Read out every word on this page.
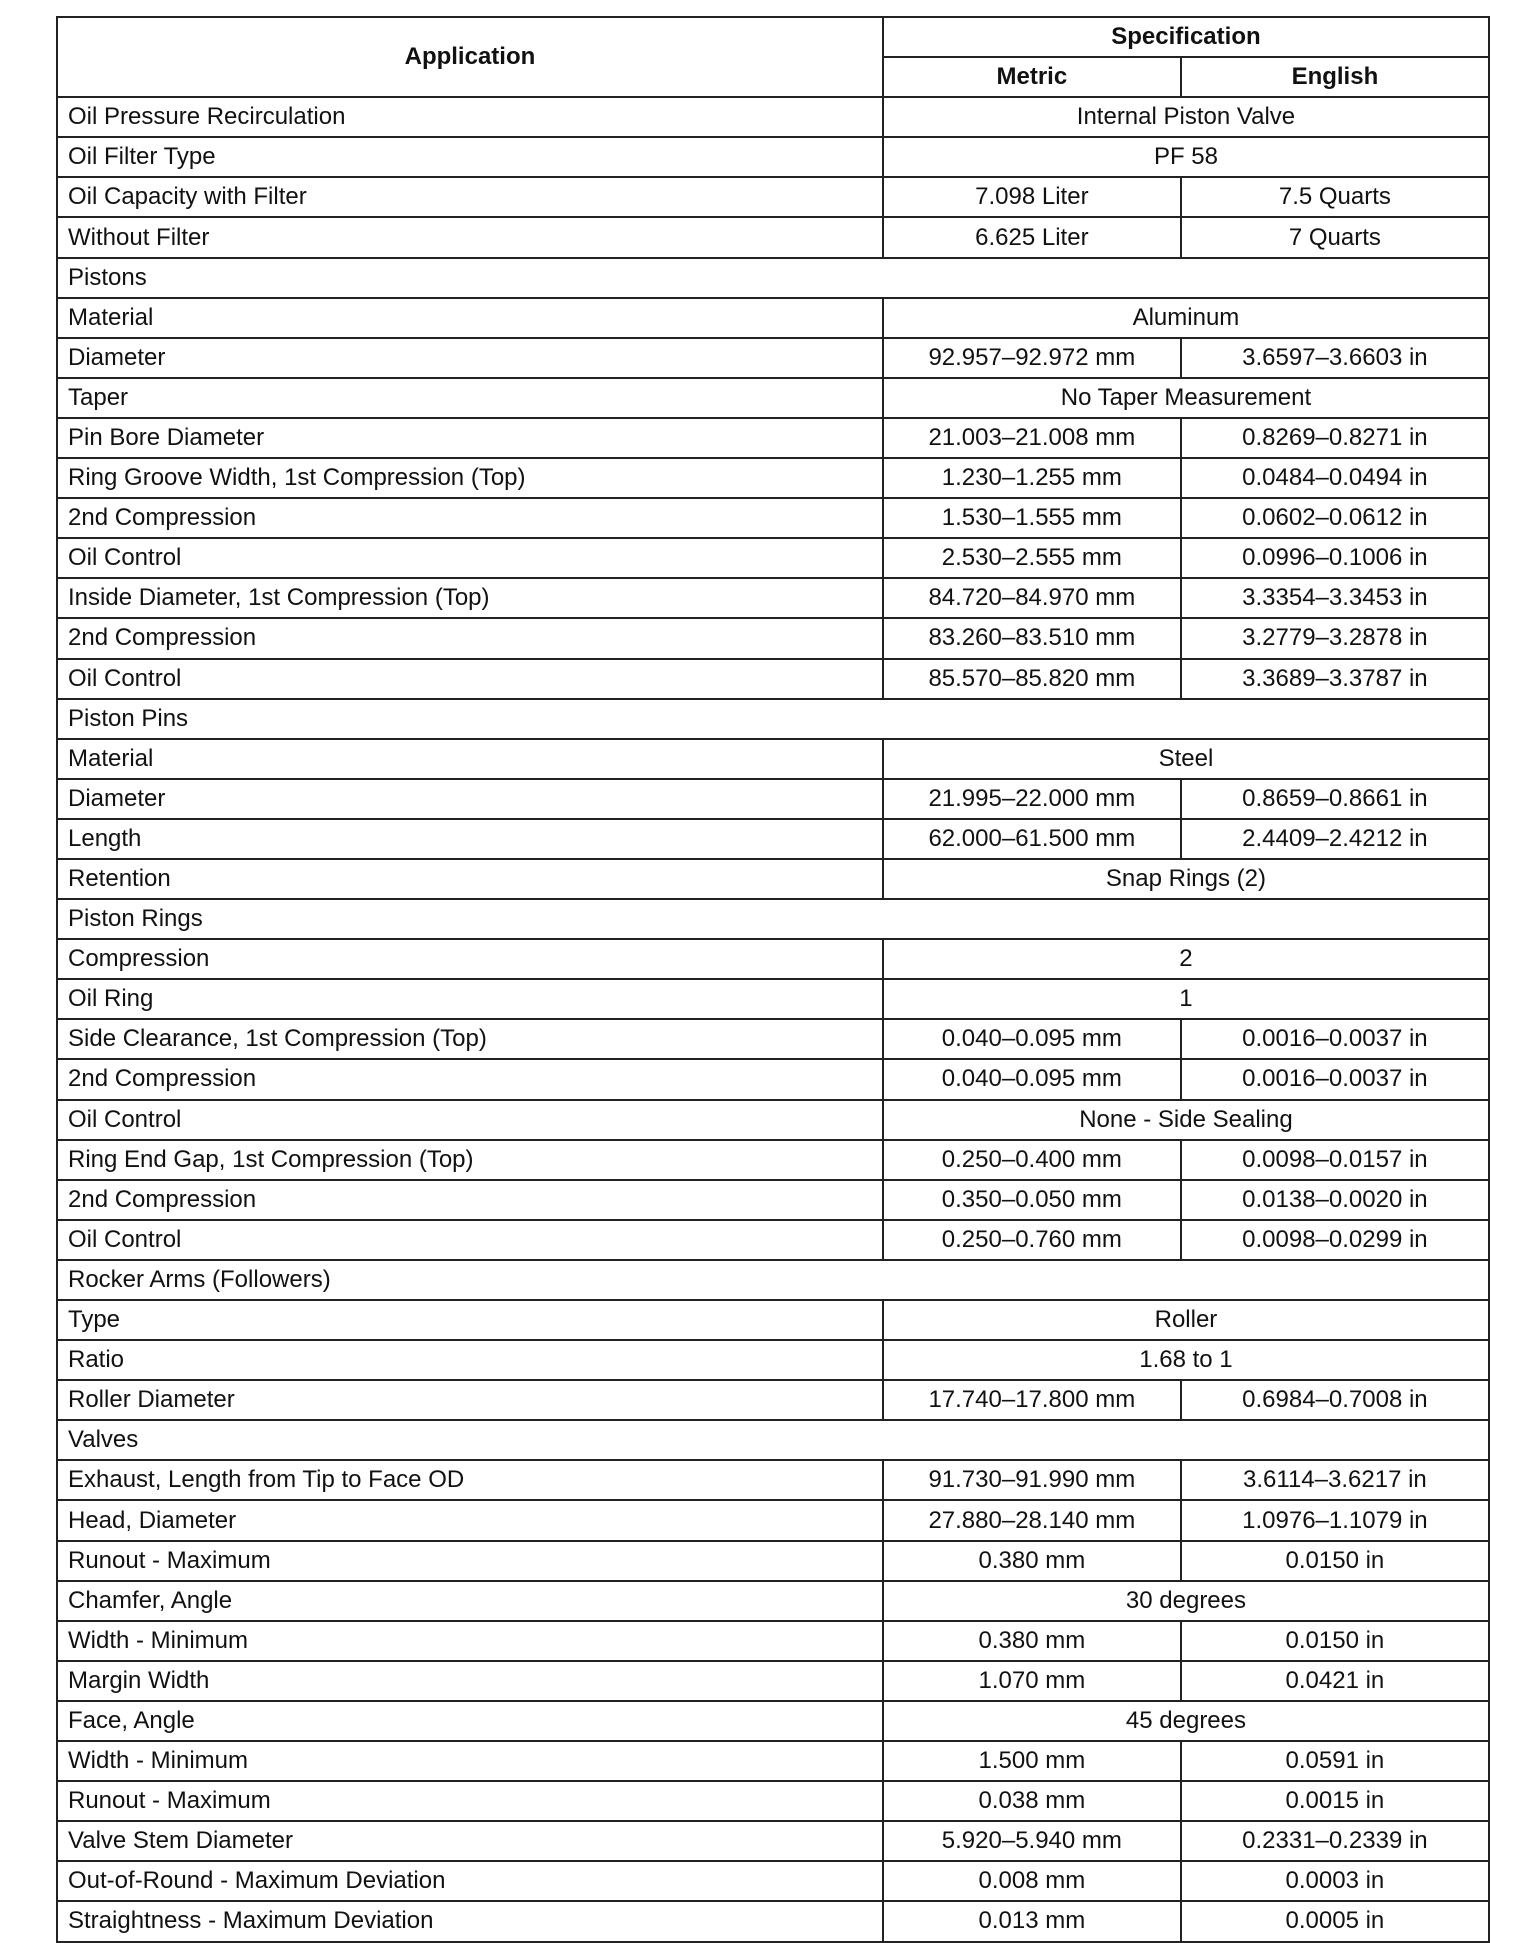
Application	Specification	
	Metric	English
Oil Pressure Recirculation	Internal Piston Valve	
Oil Filter Type	PF 58	
Oil Capacity with Filter	7.098 Liter	7.5 Quarts
Without Filter	6.625 Liter	7 Quarts
Pistons		
Material	Aluminum	
Diameter	92.957–92.972 mm	3.6597–3.6603 in
Taper	No Taper Measurement	
Pin Bore Diameter	21.003–21.008 mm	0.8269–0.8271 in
Ring Groove Width, 1st Compression (Top)	1.230–1.255 mm	0.0484–0.0494 in
2nd Compression	1.530–1.555 mm	0.0602–0.0612 in
Oil Control	2.530–2.555 mm	0.0996–0.1006 in
Inside Diameter, 1st Compression (Top)	84.720–84.970 mm	3.3354–3.3453 in
2nd Compression	83.260–83.510 mm	3.2779–3.2878 in
Oil Control	85.570–85.820 mm	3.3689–3.3787 in
Piston Pins		
Material	Steel	
Diameter	21.995–22.000 mm	0.8659–0.8661 in
Length	62.000–61.500 mm	2.4409–2.4212 in
Retention	Snap Rings (2)	
Piston Rings		
Compression	2	
Oil Ring	1	
Side Clearance, 1st Compression (Top)	0.040–0.095 mm	0.0016–0.0037 in
2nd Compression	0.040–0.095 mm	0.0016–0.0037 in
Oil Control	None - Side Sealing	
Ring End Gap, 1st Compression (Top)	0.250–0.400 mm	0.0098–0.0157 in
2nd Compression	0.350–0.050 mm	0.0138–0.0020 in
Oil Control	0.250–0.760 mm	0.0098–0.0299 in
Rocker Arms (Followers)		
Type	Roller	
Ratio	1.68 to 1	
Roller Diameter	17.740–17.800 mm	0.6984–0.7008 in
Valves		
Exhaust, Length from Tip to Face OD	91.730–91.990 mm	3.6114–3.6217 in
Head, Diameter	27.880–28.140 mm	1.0976–1.1079 in
Runout - Maximum	0.380 mm	0.0150 in
Chamfer, Angle	30 degrees	
Width - Minimum	0.380 mm	0.0150 in
Margin Width	1.070 mm	0.0421 in
Face, Angle	45 degrees	
Width - Minimum	1.500 mm	0.0591 in
Runout - Maximum	0.038 mm	0.0015 in
Valve Stem Diameter	5.920–5.940 mm	0.2331–0.2339 in
Out-of-Round - Maximum Deviation	0.008 mm	0.0003 in
Straightness - Maximum Deviation	0.013 mm	0.0005 in
